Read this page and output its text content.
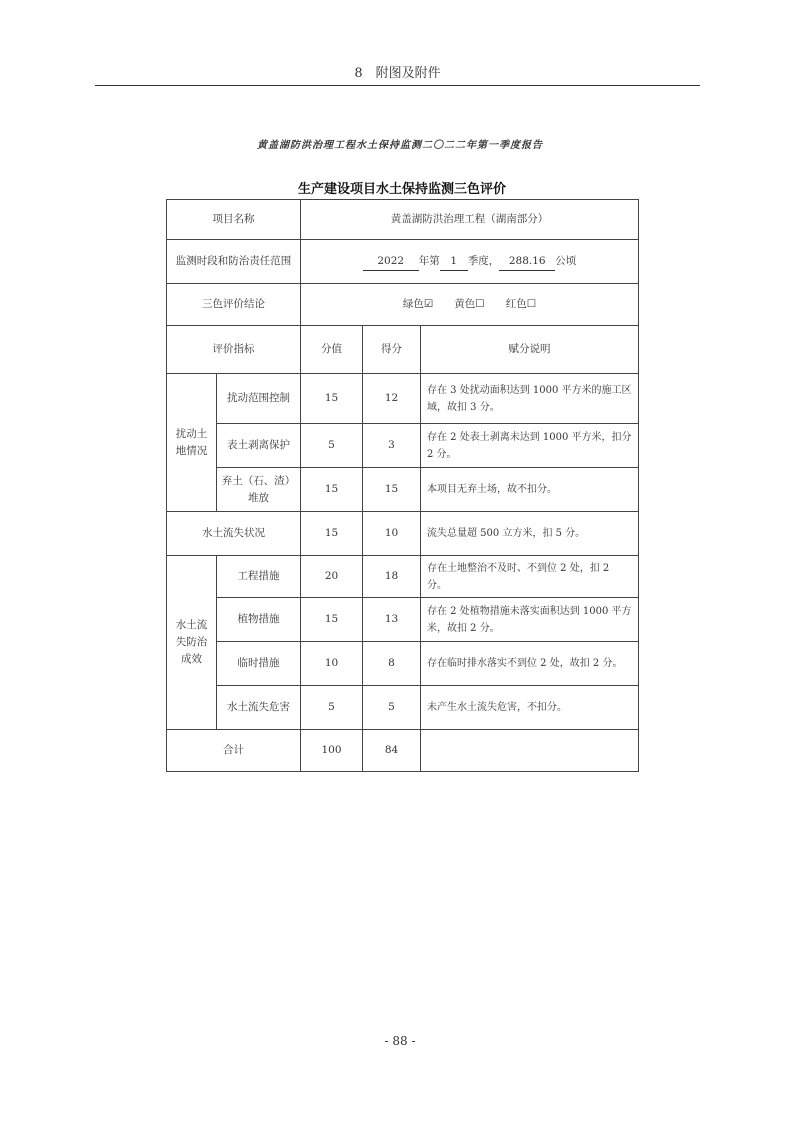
8　附图及附件
黄盖湖防洪治理工程水土保持监测二〇二二年第一季度报告
生产建设项目水土保持监测三色评价
项目名称		黄盖湖防洪治理工程（湖南部分）		
监测时段和防治责任范围		2022 年第 1 季度， 288.16 公顷		
三色评价结论		绿色☑　　黄色☐　　红色☐		
评价指标		分值	得分	赋分说明
扰动土地情况	扰动范围控制	15	12	存在 3 处扰动面积达到 1000 平方米的施工区域，故扣 3 分。
	表土剥离保护	5	3	存在 2 处表土剥离未达到 1000 平方米，扣分 2 分。
	弃土（石、渣）堆放	15	15	本项目无弃土场，故不扣分。
水土流失状况		15	10	流失总量超 500 立方米，扣 5 分。
水土流失防治成效	工程措施	20	18	存在土地整治不及时、不到位 2 处，扣 2 分。
	植物措施	15	13	存在 2 处植物措施未落实面积达到 1000 平方米，故扣 2 分。
	临时措施	10	8	存在临时排水落实不到位 2 处，故扣 2 分。
	水土流失危害	5	5	未产生水土流失危害，不扣分。
合计		100	84	
- 88 -
